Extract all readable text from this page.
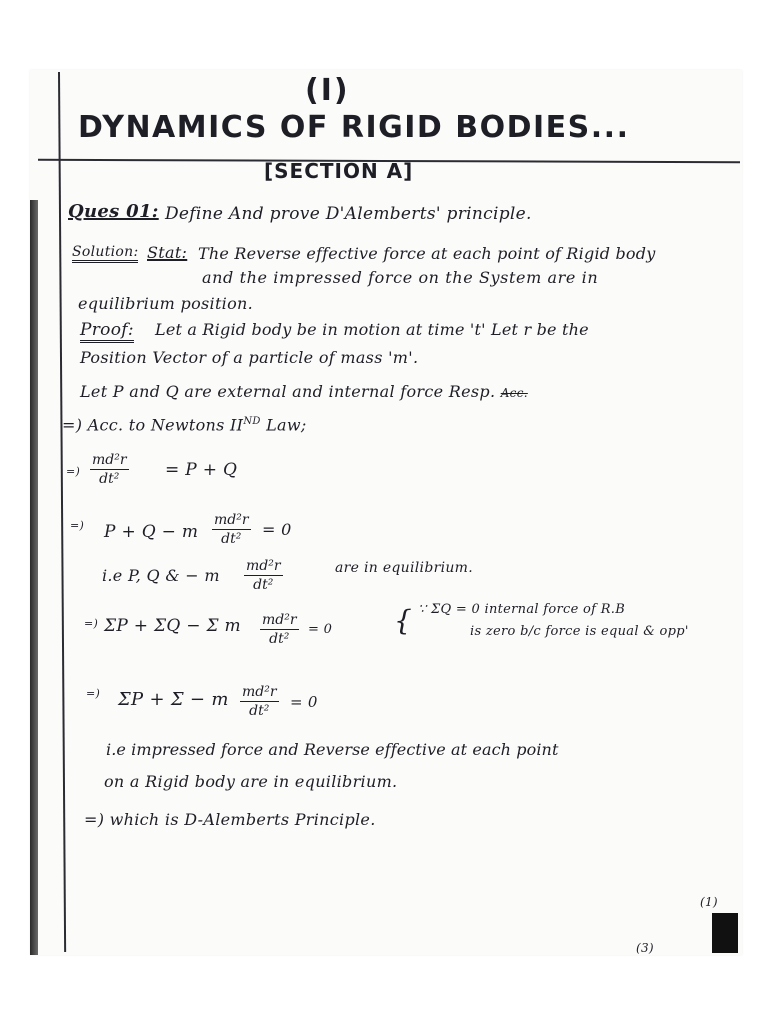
(I)
DYNAMICS OF RIGID BODIES...
[SECTION A]
Ques 01: Define And prove D'Alemberts' principle.
Solution: Stat: The Reverse effective force at each point of Rigid body
and the impressed force on the System are in
equilibrium position.
Proof: Let a Rigid body be in motion at time 't' Let r be the
Position Vector of a particle of mass 'm'.
Let P and Q are external and internal force Resp. Acc.
=) Acc. to Newtons IIND Law;
=) $\frac{\text{md²r}}{\text{dt²}} = P + Q$
=) P + Q − m $\frac{\text{md²r}}{\text{dt²}} = 0$
i.e P, Q & − m $\frac{\text{md²r}}{\text{dt²}}$	are in equilibrium.
=) ΣP + ΣQ − Σ m $\frac{\text{md²r}}{\text{dt²}} = 0$ { ∵ ΣQ = 0 internal force of R.B
is zero b/c force is equal & opp'
=) ΣP + Σ − m $\frac{\text{md²r}}{\text{dt²}} = 0$
i.e impressed force and Reverse effective at each point
on a Rigid body are in equilibrium.
=) which is D-Alemberts Principle.
(1)
(3)
